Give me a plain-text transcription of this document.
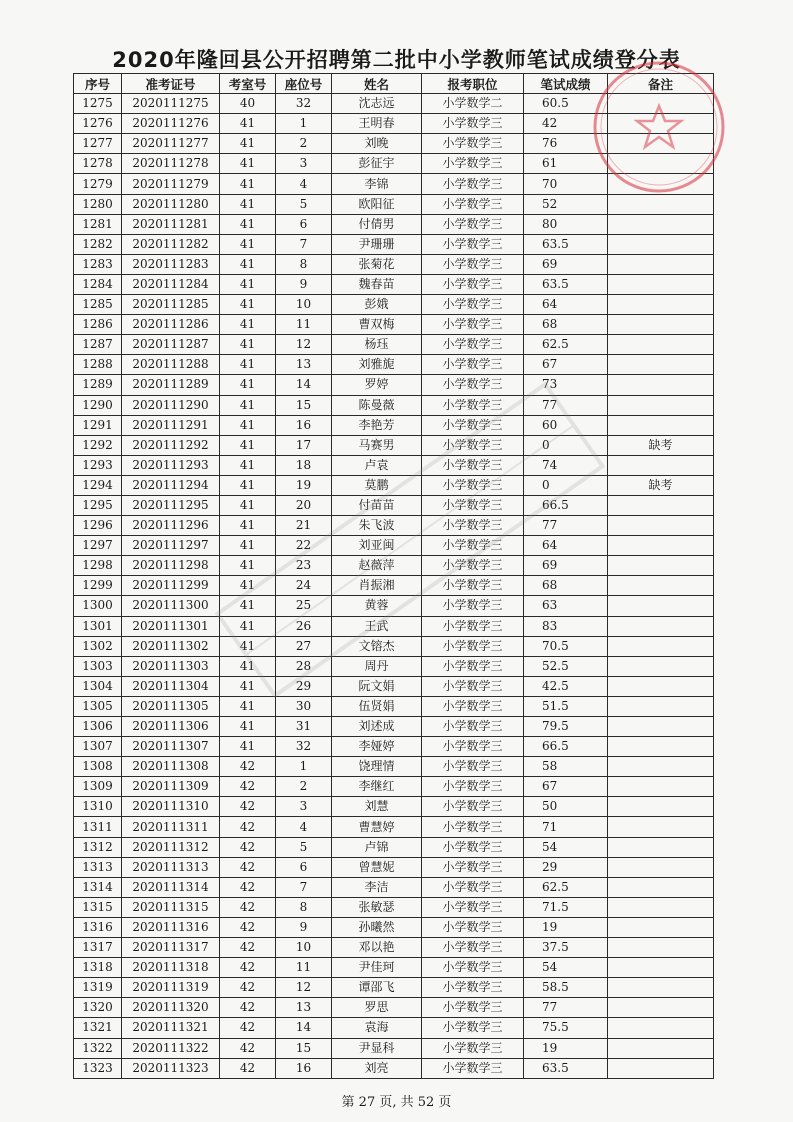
2020年隆回县公开招聘第二批中小学教师笔试成绩登分表
序号	准考证号	考室号	座位号	姓名	报考职位	笔试成绩	备注
1275	2020111275	40	32	沈志远	小学数学二	60.5	
1276	2020111276	41	1	王明春	小学数学三	42	
1277	2020111277	41	2	刘晚	小学数学三	76	
1278	2020111278	41	3	彭征宇	小学数学三	61	
1279	2020111279	41	4	李锦	小学数学三	70	
1280	2020111280	41	5	欧阳征	小学数学三	52	
1281	2020111281	41	6	付倩男	小学数学三	80	
1282	2020111282	41	7	尹珊珊	小学数学三	63.5	
1283	2020111283	41	8	张菊花	小学数学三	69	
1284	2020111284	41	9	魏春苗	小学数学三	63.5	
1285	2020111285	41	10	彭娥	小学数学三	64	
1286	2020111286	41	11	曹双梅	小学数学三	68	
1287	2020111287	41	12	杨珏	小学数学三	62.5	
1288	2020111288	41	13	刘雅旎	小学数学三	67	
1289	2020111289	41	14	罗婷	小学数学三	73	
1290	2020111290	41	15	陈曼薇	小学数学三	77	
1291	2020111291	41	16	李艳芳	小学数学三	60	
1292	2020111292	41	17	马赛男	小学数学三	0	缺考
1293	2020111293	41	18	卢袁	小学数学三	74	
1294	2020111294	41	19	莫鹏	小学数学三	0	缺考
1295	2020111295	41	20	付苗苗	小学数学三	66.5	
1296	2020111296	41	21	朱飞波	小学数学三	77	
1297	2020111297	41	22	刘亚闽	小学数学三	64	
1298	2020111298	41	23	赵薇萍	小学数学三	69	
1299	2020111299	41	24	肖振湘	小学数学三	68	
1300	2020111300	41	25	黄蓉	小学数学三	63	
1301	2020111301	41	26	王武	小学数学三	83	
1302	2020111302	41	27	文镕杰	小学数学三	70.5	
1303	2020111303	41	28	周丹	小学数学三	52.5	
1304	2020111304	41	29	阮文娟	小学数学三	42.5	
1305	2020111305	41	30	伍贤娟	小学数学三	51.5	
1306	2020111306	41	31	刘述成	小学数学三	79.5	
1307	2020111307	41	32	李娅婷	小学数学三	66.5	
1308	2020111308	42	1	饶理情	小学数学三	58	
1309	2020111309	42	2	李继红	小学数学三	67	
1310	2020111310	42	3	刘慧	小学数学三	50	
1311	2020111311	42	4	曹慧婷	小学数学三	71	
1312	2020111312	42	5	卢锦	小学数学三	54	
1313	2020111313	42	6	曾慧妮	小学数学三	29	
1314	2020111314	42	7	李洁	小学数学三	62.5	
1315	2020111315	42	8	张敏瑟	小学数学三	71.5	
1316	2020111316	42	9	孙曦然	小学数学三	19	
1317	2020111317	42	10	邓以艳	小学数学三	37.5	
1318	2020111318	42	11	尹佳珂	小学数学三	54	
1319	2020111319	42	12	谭邵飞	小学数学三	58.5	
1320	2020111320	42	13	罗思	小学数学三	77	
1321	2020111321	42	14	袁海	小学数学三	75.5	
1322	2020111322	42	15	尹显科	小学数学三	19	
1323	2020111323	42	16	刘亮	小学数学三	63.5	
第 27 页, 共 52 页
